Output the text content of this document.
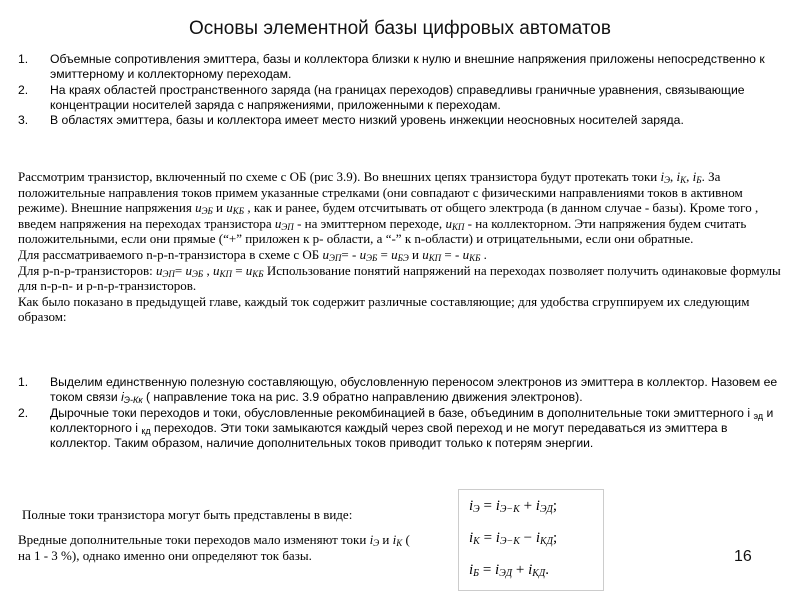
Основы элементной базы цифровых автоматов
1. Объемные сопротивления эмиттера, базы и коллектора близки к нулю и внешние напряжения приложены непосредственно к эмиттерному и коллекторному переходам.
2. На краях областей пространственного заряда (на границах переходов) справедливы граничные уравнения, связывающие концентрации носителей заряда с напряжениями, приложенными к переходам.
3. В областях эмиттера, базы и коллектора имеет место низкий уровень инжекции неосновных носителей заряда.
Рассмотрим транзистор, включенный по схеме с ОБ (рис 3.9). Во внешних цепях транзистора будут протекать токи $i_Э$, $i_К$, $i_Б$. За положительные направления токов примем указанные стрелками (они совпадают с физическими направлениями токов в активном режиме). Внешние напряжения $u_{ЭБ}$ и $u_{КБ}$ , как и ранее, будем отсчитывать от общего электрода (в данном случае - базы). Кроме того , введем напряжения на переходах транзистора $u_{ЭП}$ - на эмиттерном переходе, $u_{КП}$ - на коллекторном. Эти напряжения будем считать положительными, если они прямые (“+” приложен к р- области, а “-” к n-области) и отрицательными, если они обратные.
Для рассматриваемого n-p-n-транзистора в схеме с ОБ $u_{ЭП}= - u_{ЭБ} = u_{БЭ}$ и $u_{КП}$ = - $u_{КБ}$ .
Для p-n-p-транзисторов: $u_{ЭП}= u_{ЭБ}$ , $u_{КП} = u_{КБ}$ Использование понятий напряжений на переходах позволяет получить одинаковые формулы для n-p-n- и p-n-p-транзисторов.
Как было показано в предыдущей главе, каждый ток содержит различные составляющие; для удобства сгруппируем их следующим образом:
1. Выделим единственную полезную составляющую, обусловленную переносом электронов из эмиттера в коллектор. Назовем ее током связи $i_{Э-Кк}$ ( направление тока на рис. 3.9 обратно направлению движения электронов).
2. Дырочные токи переходов и токи, обусловленные рекомбинацией в базе, объединим в дополнительные токи эмиттерного i $_{эд}$ и коллекторного i $_{кд}$ переходов. Эти токи замыкаются каждый через свой переход и не могут передаваться из эмиттера в коллектор. Таким образом, наличие дополнительных токов приводит только к потерям энергии.
Полные токи транзистора могут быть представлены в виде:
Вредные дополнительные токи переходов мало изменяют токи $i_Э$ и $i_К$ ( на 1 - 3 %), однако именно они определяют ток базы.
$i_Э = i_{Э-К} + i_{ЭД}$;
$i_К = i_{Э-К} - i_{КД}$;
$i_Б = i_{ЭД} + i_{КД}$.
16
